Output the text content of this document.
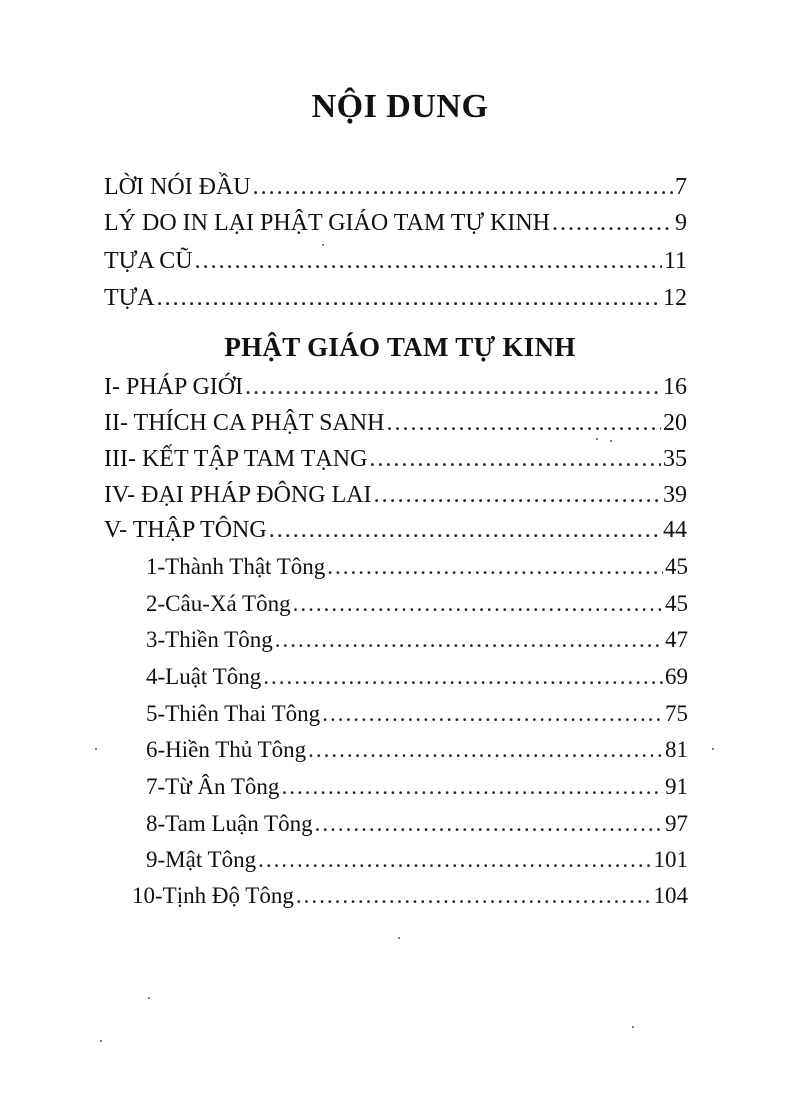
NỘI DUNG
LỜI NÓI ĐẦU .....	7
LÝ DO IN LẠI PHẬT GIÁO TAM TỰ KINH .....	9
TỰA CŨ .....	11
TỰA .....	12
PHẬT GIÁO TAM TỰ KINH
I- PHÁP GIỚI .....	16
II- THÍCH CA PHẬT SANH .....	20
III- KẾT TẬP TAM TẠNG .....	35
IV- ĐẠI PHÁP ĐÔNG LAI .....	39
V- THẬP TÔNG .....	44
1- Thành Thật Tông .....	45
2- Câu-Xá Tông .....	45
3- Thiền Tông .....	47
4- Luật Tông .....	69
5- Thiên Thai Tông .....	75
6- Hiền Thủ Tông .....	81
7- Từ Ân Tông .....	91
8- Tam Luận Tông .....	97
9- Mật Tông .....	101
10- Tịnh Độ Tông .....	104
